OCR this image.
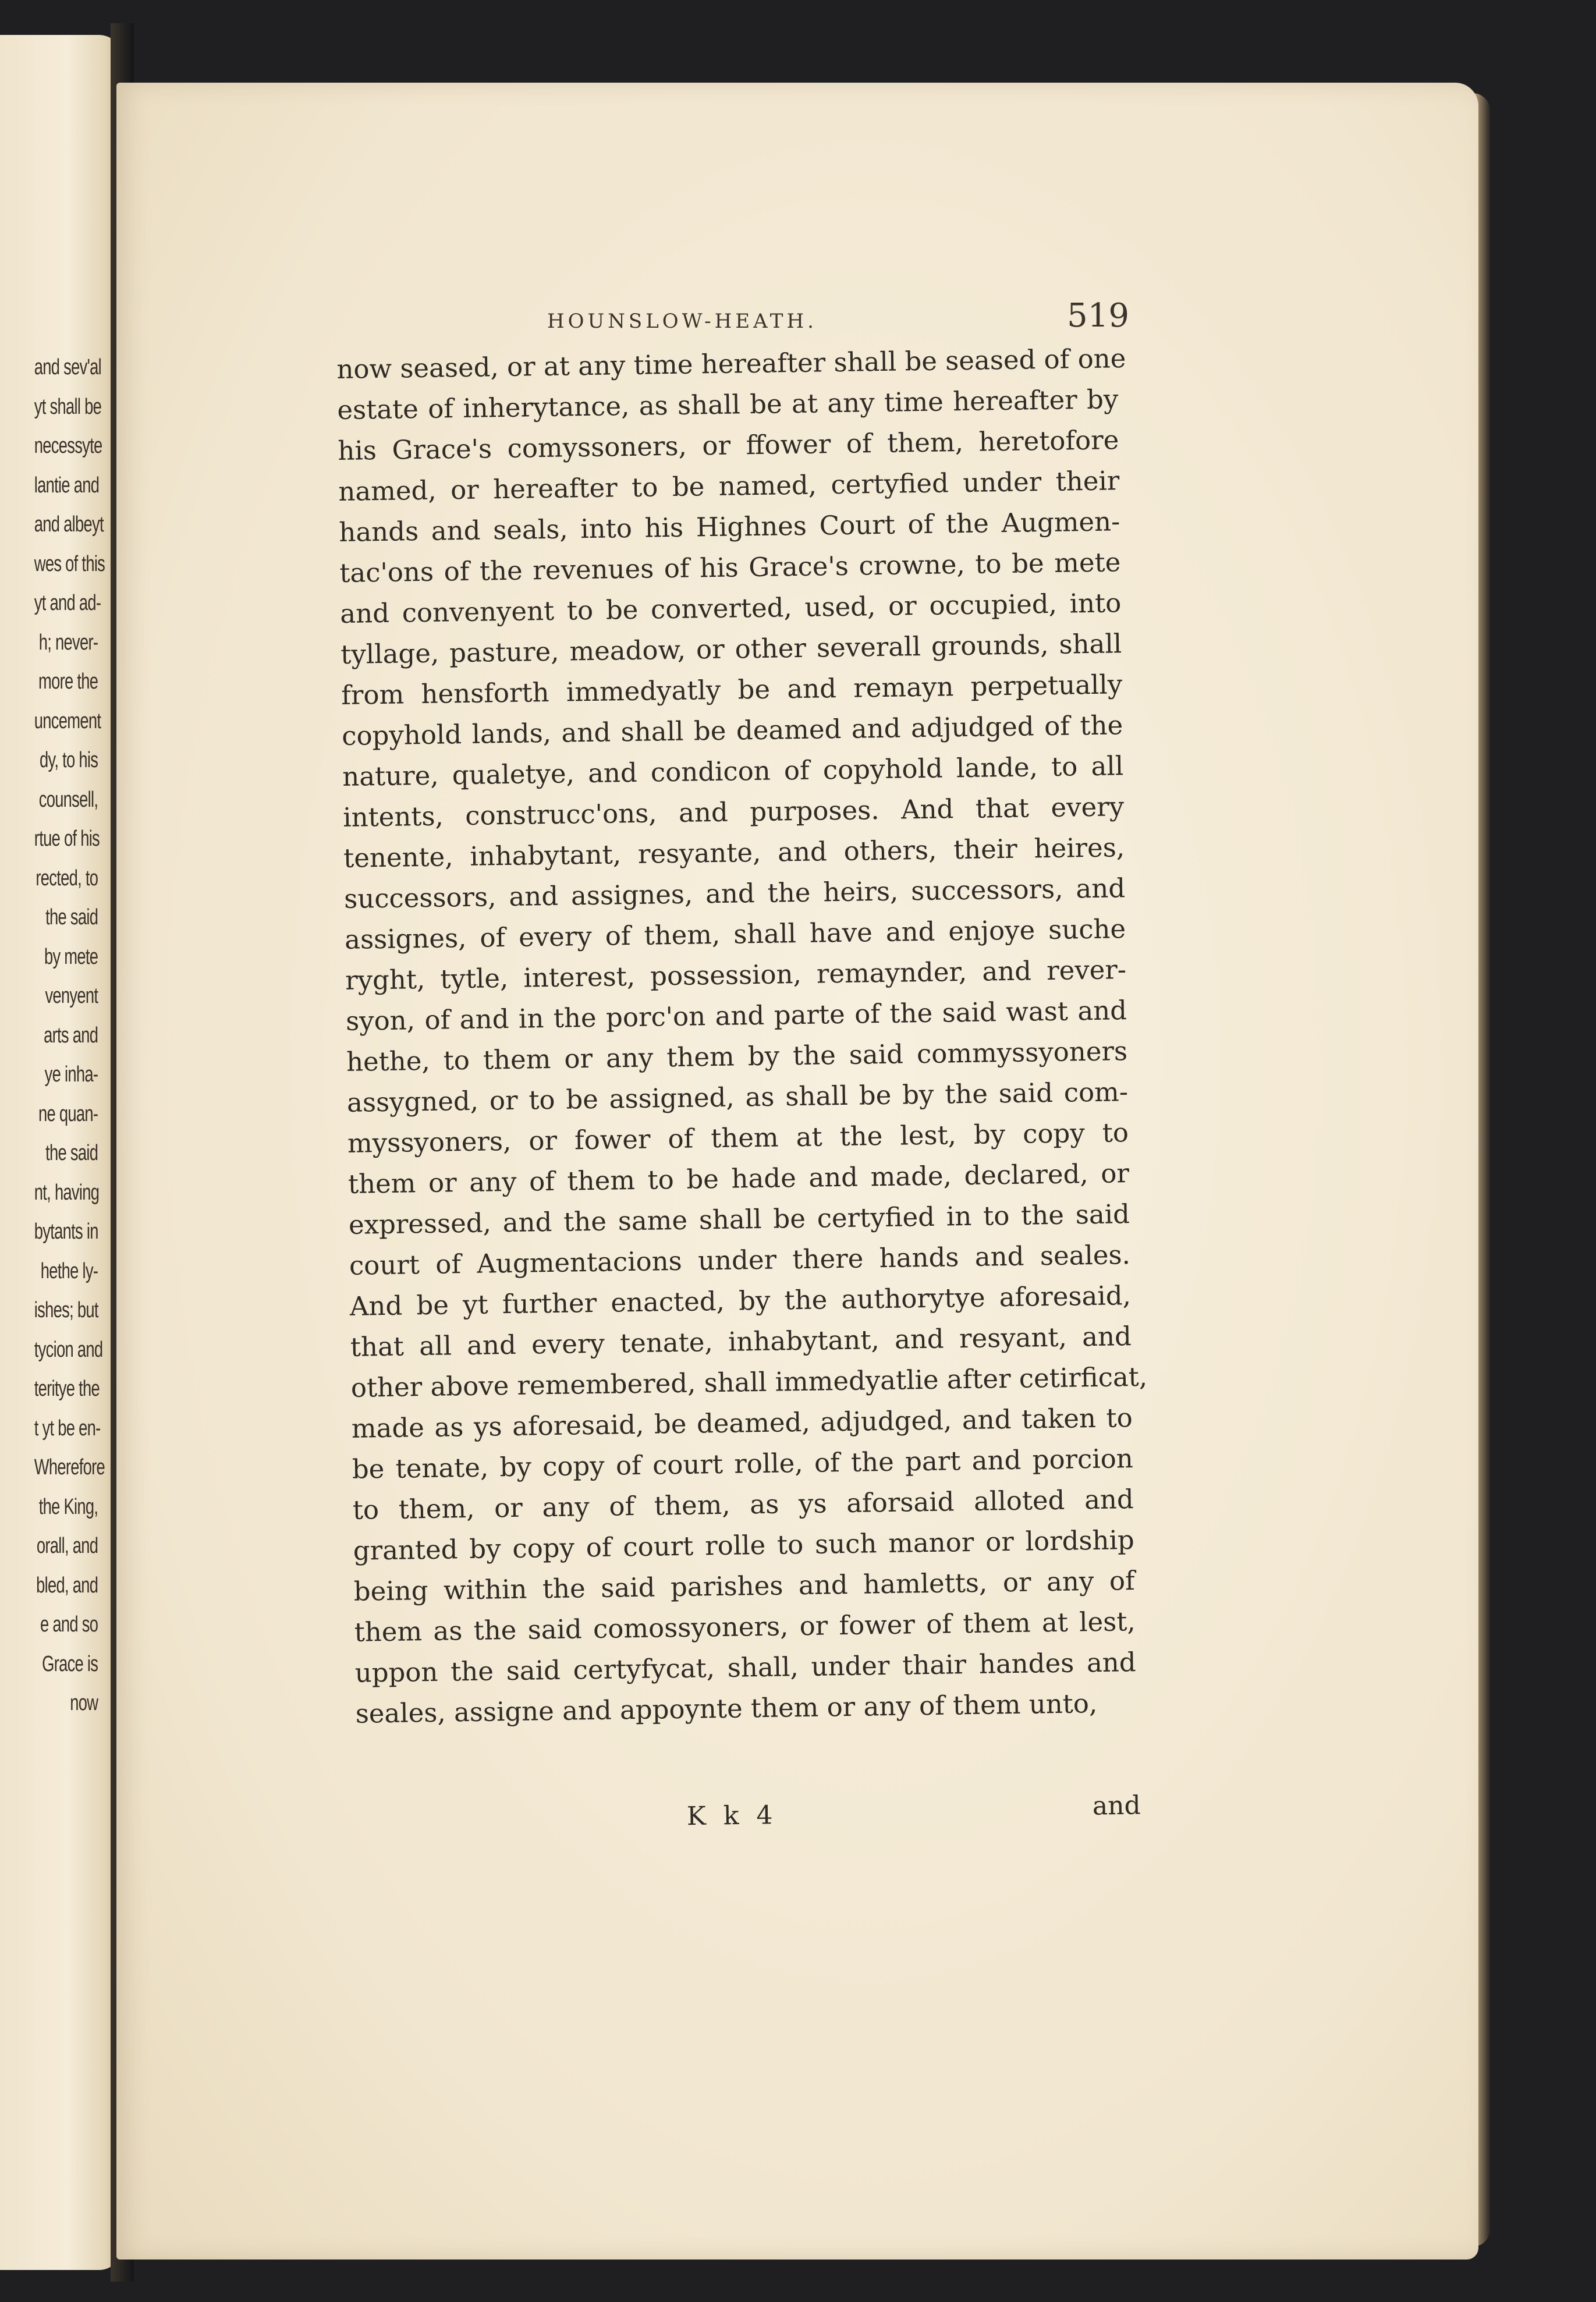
and sev'al
yt shall be
necessyte
lantie and
and albeyt
wes of this
yt and ad-
h; never-
more the
uncement
dy, to his
counsell,
rtue of his
rected, to
the said
by mete
venyent
arts and
ye inha-
ne quan-
the said
nt, having
bytants in
hethe ly-
ishes; but
tycion and
teritye the
t yt be en-
Wherefore
the King,
orall, and
bled, and
e and so
Grace is
now
HOUNSLOW-HEATH.	519
now seased, or at any time hereafter shall be seased of one
estate of inherytance, as shall be at any time hereafter by
his Grace's comyssoners, or ffower of them, heretofore
named, or hereafter to be named, certyfied under their
hands and seals, into his Highnes Court of the Augmen-
tac'ons of the revenues of his Grace's crowne, to be mete
and convenyent to be converted, used, or occupied, into
tyllage, pasture, meadow, or other severall grounds, shall
from hensforth immedyatly be and remayn perpetually
copyhold lands, and shall be deamed and adjudged of the
nature, qualetye, and condicon of copyhold lande, to all
intents, construcc'ons, and purposes. And that every
tenente, inhabytant, resyante, and others, their heires,
successors, and assignes, and the heirs, successors, and
assignes, of every of them, shall have and enjoye suche
ryght, tytle, interest, possession, remaynder, and rever-
syon, of and in the porc'on and parte of the said wast and
hethe, to them or any them by the said commyssyoners
assygned, or to be assigned, as shall be by the said com-
myssyoners, or fower of them at the lest, by copy to
them or any of them to be hade and made, declared, or
expressed, and the same shall be certyfied in to the said
court of Augmentacions under there hands and seales.
And be yt further enacted, by the authorytye aforesaid,
that all and every tenate, inhabytant, and resyant, and
other above remembered, shall immedyatlie after cetirficat,
made as ys aforesaid, be deamed, adjudged, and taken to
be tenate, by copy of court rolle, of the part and porcion
to them, or any of them, as ys aforsaid alloted and
granted by copy of court rolle to such manor or lordship
being within the said parishes and hamletts, or any of
them as the said comossyoners, or fower of them at lest,
uppon the said certyfycat, shall, under thair handes and
seales, assigne and appoynte them or any of them unto,
K k 4	and
